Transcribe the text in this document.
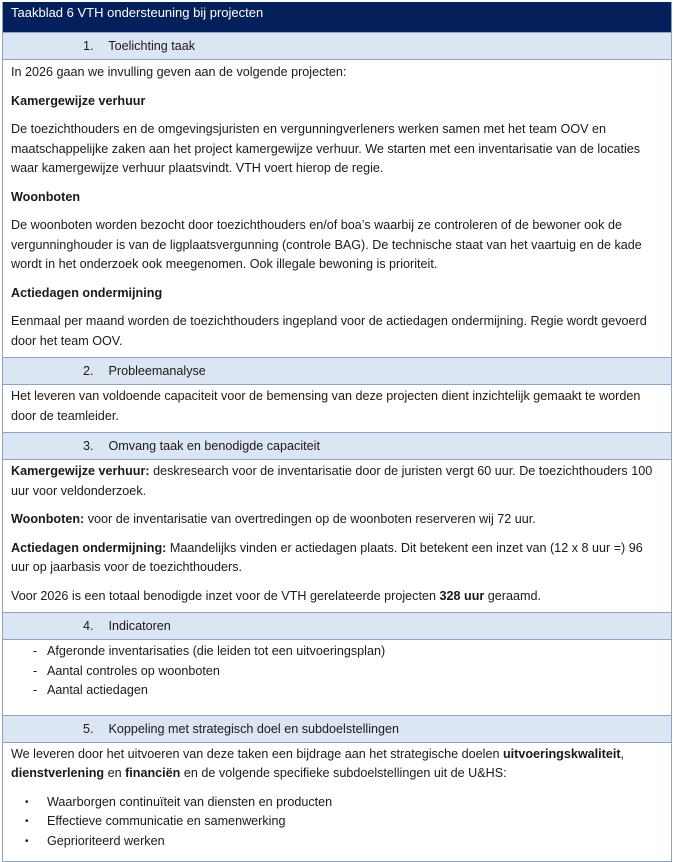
Taakblad 6 VTH ondersteuning bij projecten
1. Toelichting taak

In 2026 gaan we invulling geven aan de volgende projecten:

Kamergewijze verhuur

De toezichthouders en de omgevingsjuristen en vergunningverleners werken samen met het team OOV en maatschappelijke zaken aan het project kamergewijze verhuur. We starten met een inventarisatie van de locaties waar kamergewijze verhuur plaatsvindt. VTH voert hierop de regie.

Woonboten

De woonboten worden bezocht door toezichthouders en/of boa’s waarbij ze controleren of de bewoner ook de vergunninghouder is van de ligplaatsvergunning (controle BAG). De technische staat van het vaartuig en de kade wordt in het onderzoek ook meegenomen. Ook illegale bewoning is prioriteit.

Actiedagen ondermijning

Eenmaal per maand worden de toezichthouders ingepland voor de actiedagen ondermijning. Regie wordt gevoerd door het team OOV.

2. Probleemanalyse

Het leveren van voldoende capaciteit voor de bemensing van deze projecten dient inzichtelijk gemaakt te worden door de teamleider.

3. Omvang taak en benodigde capaciteit

Kamergewijze verhuur: deskresearch voor de inventarisatie door de juristen vergt 60 uur. De toezichthouders 100 uur voor veldonderzoek.

Woonboten: voor de inventarisatie van overtredingen op de woonboten reserveren wij 72 uur.

Actiedagen ondermijning: Maandelijks vinden er actiedagen plaats. Dit betekent een inzet van (12 x 8 uur =) 96 uur op jaarbasis voor de toezichthouders.

Voor 2026 is een totaal benodigde inzet voor de VTH gerelateerde projecten 328 uur geraamd.

4. Indicatoren
- Afgeronde inventarisaties (die leiden tot een uitvoeringsplan)
- Aantal controles op woonboten
- Aantal actiedagen
5. Koppeling met strategisch doel en subdoelstellingen

We leveren door het uitvoeren van deze taken een bijdrage aan het strategische doelen uitvoeringskwaliteit, dienstverlening en financiën en de volgende specifieke subdoelstellingen uit de U&HS:

• Waarborgen continuïteit van diensten en producten
• Effectieve communicatie en samenwerking
• Geprioriteerd werken
